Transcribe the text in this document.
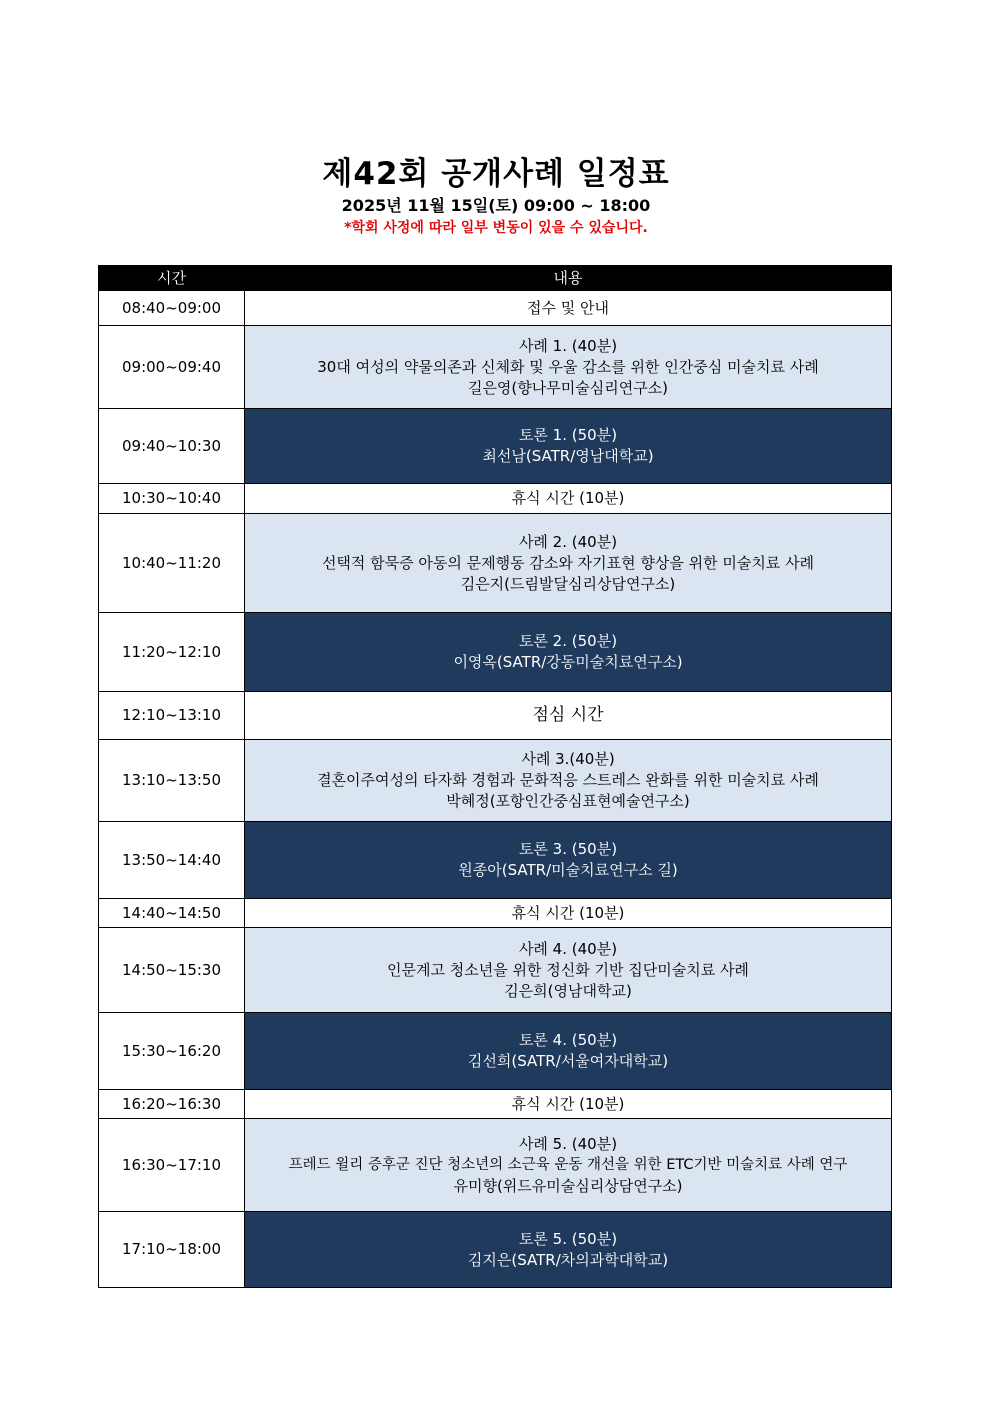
제42회 공개사례 일정표
2025년 11월 15일(토) 09:00 ~ 18:00
*학회 사정에 따라 일부 변동이 있을 수 있습니다.
시간	내용
08:40~09:00	접수 및 안내

09:00~09:40	사례 1. (40분)
30대 여성의 약물의존과 신체화 및 우울 감소를 위한 인간중심 미술치료 사례
길은영(향나무미술심리연구소)

09:40~10:30	토론 1. (50분)
최선남(SATR/영남대학교)

10:30~10:40	휴식 시간 (10분)

10:40~11:20	사례 2. (40분)
선택적 함묵증 아동의 문제행동 감소와 자기표현 향상을 위한 미술치료 사례
김은지(드림발달심리상담연구소)

11:20~12:10	토론 2. (50분)
이영옥(SATR/강동미술치료연구소)

12:10~13:10	점심 시간

13:10~13:50	사례 3.(40분)
결혼이주여성의 타자화 경험과 문화적응 스트레스 완화를 위한 미술치료 사례
박혜정(포항인간중심표현예술연구소)

13:50~14:40	토론 3. (50분)
원종아(SATR/미술치료연구소 길)

14:40~14:50	휴식 시간 (10분)

14:50~15:30	사례 4. (40분)
인문계고 청소년을 위한 정신화 기반 집단미술치료 사례
김은희(영남대학교)

15:30~16:20	토론 4. (50분)
김선희(SATR/서울여자대학교)

16:20~16:30	휴식 시간 (10분)

16:30~17:10	사례 5. (40분)
프레드 윌리 증후군 진단 청소년의 소근육 운동 개선을 위한 ETC기반 미술치료 사례 연구
유미향(위드유미술심리상담연구소)

17:10~18:00	토론 5. (50분)
김지은(SATR/차의과학대학교)
